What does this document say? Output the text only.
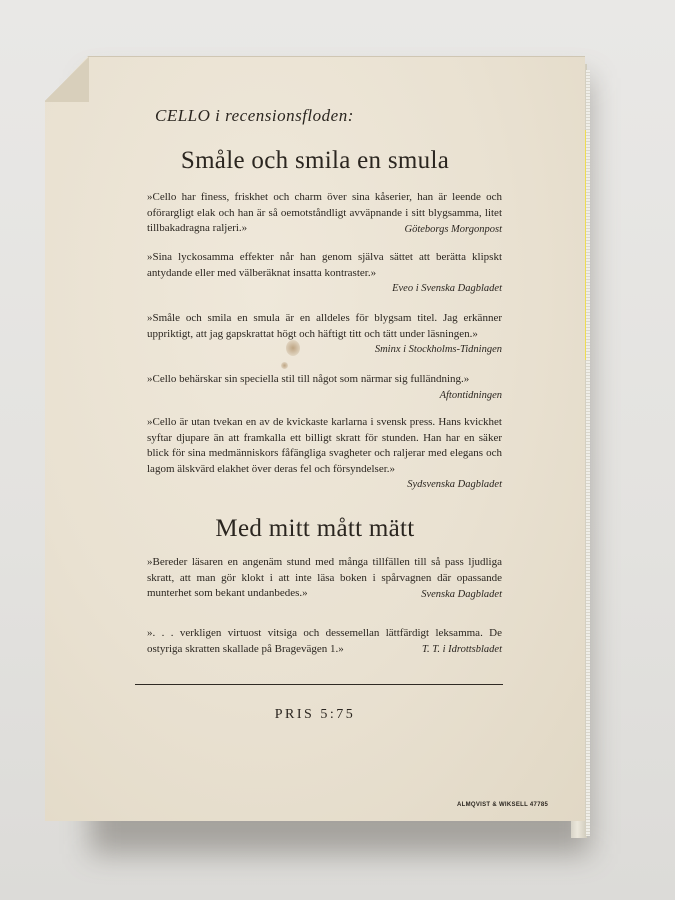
CELLO i recensionsfloden:
Småle och smila en smula
»Cello har finess, friskhet och charm över sina kåserier, han är leende och oförargligt elak och han är så oemotståndligt avväpnande i sitt blygsamma, litet tillbakadragna raljeri.»	Göteborgs Morgonpost
»Sina lyckosamma effekter når han genom själva sättet att berätta klipskt antydande eller med välberäknat insatta kontraster.»
Eveo i Svenska Dagbladet
»Småle och smila en smula är en alldeles för blygsam titel. Jag erkänner uppriktigt, att jag gapskrattat högt och häftigt titt och tätt under läsningen.»
Sminx i Stockholms-Tidningen
»Cello behärskar sin speciella stil till något som närmar sig fulländning.»
Aftontidningen
»Cello är utan tvekan en av de kvickaste karlarna i svensk press. Hans kvickhet syftar djupare än att framkalla ett billigt skratt för stunden. Han har en säker blick för sina medmänniskors fåfängliga svagheter och raljerar med elegans och lagom älskvärd elakhet över deras fel och försyndelser.»
Sydsvenska Dagbladet
Med mitt mått mätt
»Bereder läsaren en angenäm stund med många tillfällen till så pass ljudliga skratt, att man gör klokt i att inte läsa boken i spårvagnen där opassande munterhet som bekant undanbedes.»	Svenska Dagbladet
». . . verkligen virtuost vitsiga och dessemellan lättfärdigt leksamma. De ostyriga skratten skallade på Bragevägen 1.»	T. T. i Idrottsbladet
PRIS 5:75
ALMQVIST & WIKSELL 47785
